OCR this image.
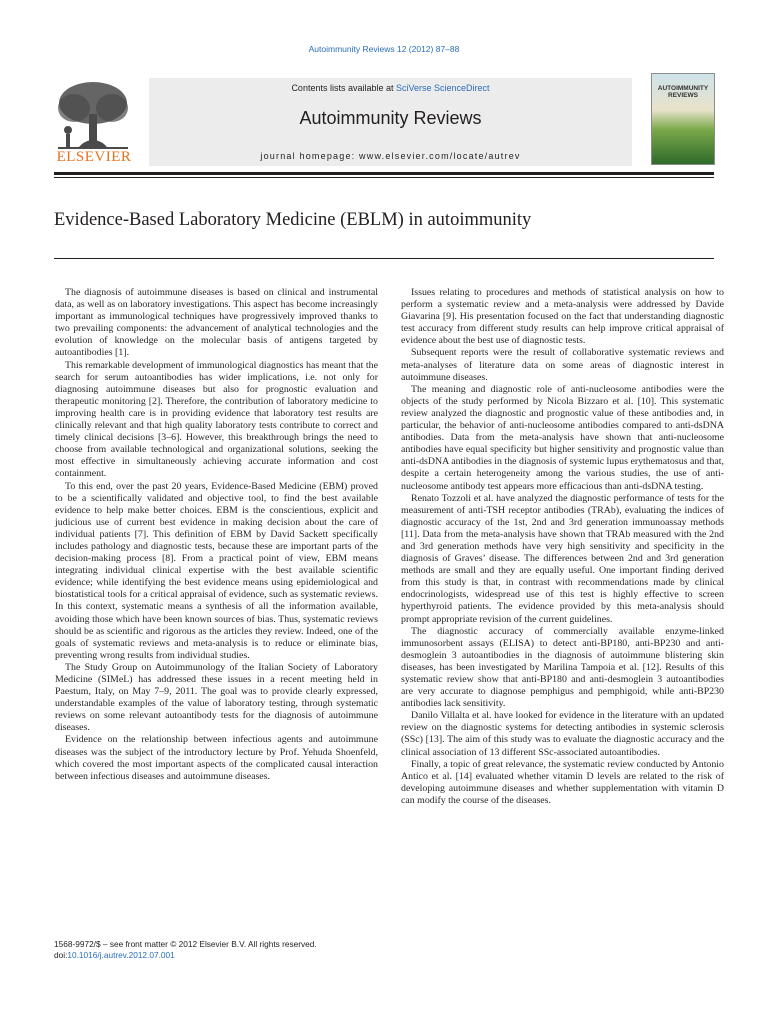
Autoimmunity Reviews 12 (2012) 87–88
ELSEVIER
Contents lists available at SciVerse ScienceDirect
Autoimmunity Reviews
journal homepage: www.elsevier.com/locate/autrev
AUTOIMMUNITY
REVIEWS
Evidence-Based Laboratory Medicine (EBLM) in autoimmunity

The diagnosis of autoimmune diseases is based on clinical and instrumental data, as well as on laboratory investigations. This aspect has become increasingly important as immunological techniques have progressively improved thanks to two prevailing components: the advancement of analytical technologies and the evolution of knowledge on the molecular basis of antigens targeted by autoantibodies [1].

This remarkable development of immunological diagnostics has meant that the search for serum autoantibodies has wider implications, i.e. not only for diagnosing autoimmune diseases but also for prognostic evaluation and therapeutic monitoring [2]. Therefore, the contribution of laboratory medicine to improving health care is in providing evidence that laboratory test results are clinically relevant and that high quality laboratory tests contribute to correct and timely clinical decisions [3–6]. However, this breakthrough brings the need to choose from available technological and organizational solutions, seeking the most effective in simultaneously achieving accurate information and cost containment.

To this end, over the past 20 years, Evidence-Based Medicine (EBM) proved to be a scientifically validated and objective tool, to find the best available evidence to help make better choices. EBM is the conscientious, explicit and judicious use of current best evidence in making decision about the care of individual patients [7]. This definition of EBM by David Sackett specifically includes pathology and diagnostic tests, because these are important parts of the decision-making process [8]. From a practical point of view, EBM means integrating individual clinical expertise with the best available scientific evidence; while identifying the best evidence means using epidemiological and biostatistical tools for a critical appraisal of evidence, such as systematic reviews. In this context, systematic means a synthesis of all the information available, avoiding those which have been known sources of bias. Thus, systematic reviews should be as scientific and rigorous as the articles they review. Indeed, one of the goals of systematic reviews and meta-analysis is to reduce or eliminate bias, preventing wrong results from individual studies.

The Study Group on Autoimmunology of the Italian Society of Laboratory Medicine (SIMeL) has addressed these issues in a recent meeting held in Paestum, Italy, on May 7–9, 2011. The goal was to provide clearly expressed, understandable examples of the value of laboratory testing, through systematic reviews on some relevant autoantibody tests for the diagnosis of autoimmune diseases.

Evidence on the relationship between infectious agents and autoimmune diseases was the subject of the introductory lecture by Prof. Yehuda Shoenfeld, which covered the most important aspects of the complicated causal interaction between infectious diseases and autoimmune diseases.

Issues relating to procedures and methods of statistical analysis on how to perform a systematic review and a meta-analysis were addressed by Davide Giavarina [9]. His presentation focused on the fact that understanding diagnostic test accuracy from different study results can help improve critical appraisal of evidence about the best use of diagnostic tests.

Subsequent reports were the result of collaborative systematic reviews and meta-analyses of literature data on some areas of diagnostic interest in autoimmune diseases.

The meaning and diagnostic role of anti-nucleosome antibodies were the objects of the study performed by Nicola Bizzaro et al. [10]. This systematic review analyzed the diagnostic and prognostic value of these antibodies and, in particular, the behavior of anti-nucleosome antibodies compared to anti-dsDNA antibodies. Data from the meta-analysis have shown that anti-nucleosome antibodies have equal specificity but higher sensitivity and prognostic value than anti-dsDNA antibodies in the diagnosis of systemic lupus erythematosus and that, despite a certain heterogeneity among the various studies, the use of anti-nucleosome antibody test appears more efficacious than anti-dsDNA testing.

Renato Tozzoli et al. have analyzed the diagnostic performance of tests for the measurement of anti-TSH receptor antibodies (TRAb), evaluating the indices of diagnostic accuracy of the 1st, 2nd and 3rd generation immunoassay methods [11]. Data from the meta-analysis have shown that TRAb measured with the 2nd and 3rd generation methods have very high sensitivity and specificity in the diagnosis of Graves’ disease. The differences between 2nd and 3rd generation methods are small and they are equally useful. One important finding derived from this study is that, in contrast with recommendations made by clinical endocrinologists, widespread use of this test is highly effective to screen hyperthyroid patients. The evidence provided by this meta-analysis should prompt appropriate revision of the current guidelines.

The diagnostic accuracy of commercially available enzyme-linked immunosorbent assays (ELISA) to detect anti-BP180, anti-BP230 and anti-desmoglein 3 autoantibodies in the diagnosis of autoimmune blistering skin diseases, has been investigated by Marilina Tampoia et al. [12]. Results of this systematic review show that anti-BP180 and anti-desmoglein 3 autoantibodies are very accurate to diagnose pemphigus and pemphigoid, while anti-BP230 antibodies lack sensitivity.

Danilo Villalta et al. have looked for evidence in the literature with an updated review on the diagnostic systems for detecting antibodies in systemic sclerosis (SSc) [13]. The aim of this study was to evaluate the diagnostic accuracy and the clinical association of 13 different SSc-associated autoantibodies.

Finally, a topic of great relevance, the systematic review conducted by Antonio Antico et al. [14] evaluated whether vitamin D levels are related to the risk of developing autoimmune diseases and whether supplementation with vitamin D can modify the course of the diseases.

1568-9972/$ – see front matter © 2012 Elsevier B.V. All rights reserved.
doi:10.1016/j.autrev.2012.07.001
